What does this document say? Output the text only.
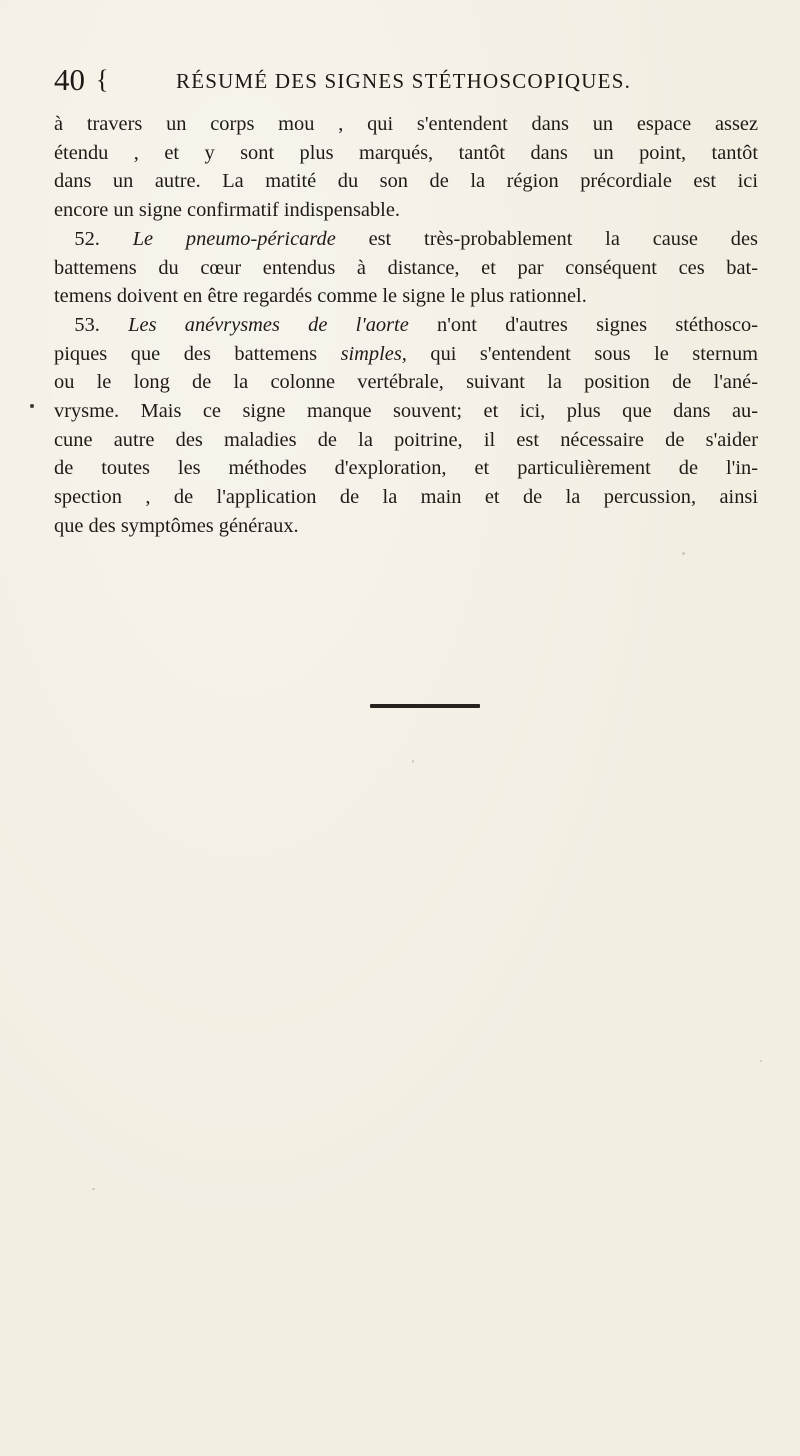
40 {	RÉSUMÉ DES SIGNES STÉTHOSCOPIQUES.
à travers un corps mou , qui s'entendent dans un espace assez
étendu , et y sont plus marqués, tantôt dans un point, tantôt
dans un autre. La matité du son de la région précordiale est ici
encore un signe confirmatif indispensable.
 52. Le pneumo-péricarde est très-probablement la cause des
battemens du cœur entendus à distance, et par conséquent ces bat-
temens doivent en être regardés comme le signe le plus rationnel.
 53. Les anévrysmes de l'aorte n'ont d'autres signes stéthosco-
piques que des battemens simples, qui s'entendent sous le sternum
ou le long de la colonne vertébrale, suivant la position de l'ané-
vrysme. Mais ce signe manque souvent; et ici, plus que dans au-
cune autre des maladies de la poitrine, il est nécessaire de s'aider
de toutes les méthodes d'exploration, et particulièrement de l'in-
spection , de l'application de la main et de la percussion, ainsi
que des symptômes généraux.
